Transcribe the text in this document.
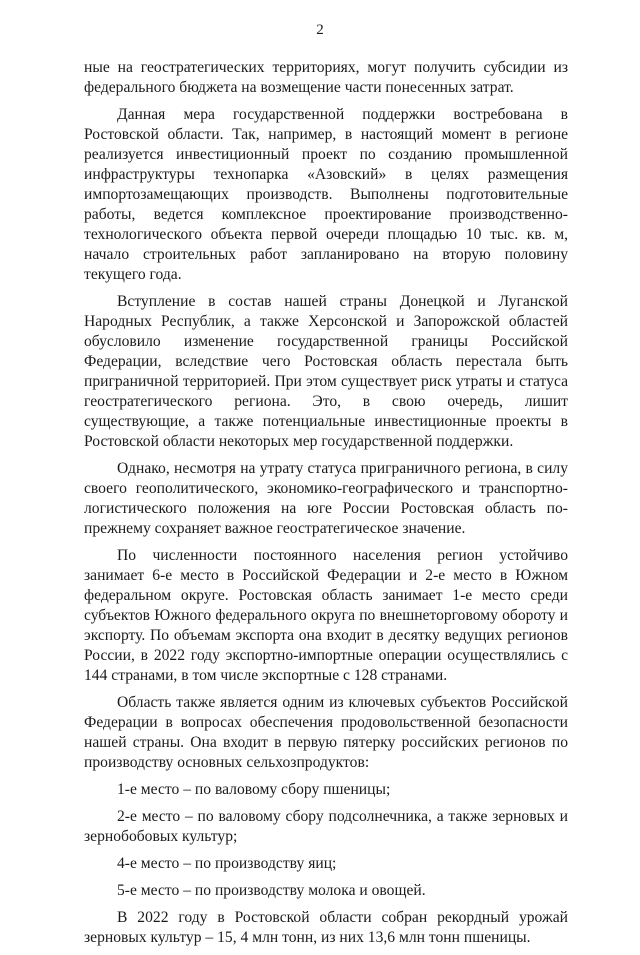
2

ные на геостратегических территориях, могут получить субсидии из федерального бюджета на возмещение части понесенных затрат.

Данная мера государственной поддержки востребована в Ростовской области. Так, например, в настоящий момент в регионе реализуется инвестиционный проект по созданию промышленной инфраструктуры технопарка «Азовский» в целях размещения импортозамещающих производств. Выполнены подготовительные работы, ведется комплексное проектирование производственно-технологического объекта первой очереди площадью 10 тыс. кв. м, начало строительных работ запланировано на вторую половину текущего года.

Вступление в состав нашей страны Донецкой и Луганской Народных Республик, а также Херсонской и Запорожской областей обусловило изменение государственной границы Российской Федерации, вследствие чего Ростовская область перестала быть приграничной территорией. При этом существует риск утраты и статуса геостратегического региона. Это, в свою очередь, лишит существующие, а также потенциальные инвестиционные проекты в Ростовской области некоторых мер государственной поддержки.

Однако, несмотря на утрату статуса приграничного региона, в силу своего геополитического, экономико-географического и транспортно-логистического положения на юге России Ростовская область по-прежнему сохраняет важное геостратегическое значение.

По численности постоянного населения регион устойчиво занимает 6-е место в Российской Федерации и 2-е место в Южном федеральном округе. Ростовская область занимает 1-е место среди субъектов Южного федерального округа по внешнеторговому обороту и экспорту. По объемам экспорта она входит в десятку ведущих регионов России, в 2022 году экспортно-импортные операции осуществлялись с 144 странами, в том числе экспортные с 128 странами.

Область также является одним из ключевых субъектов Российской Федерации в вопросах обеспечения продовольственной безопасности нашей страны. Она входит в первую пятерку российских регионов по производству основных сельхозпродуктов:

1-е место – по валовому сбору пшеницы;

2-е место – по валовому сбору подсолнечника, а также зерновых и зернобобовых культур;

4-е место – по производству яиц;

5-е место – по производству молока и овощей.

В 2022 году в Ростовской области собран рекордный урожай зерновых культур – 15, 4 млн тонн, из них 13,6 млн тонн пшеницы.
